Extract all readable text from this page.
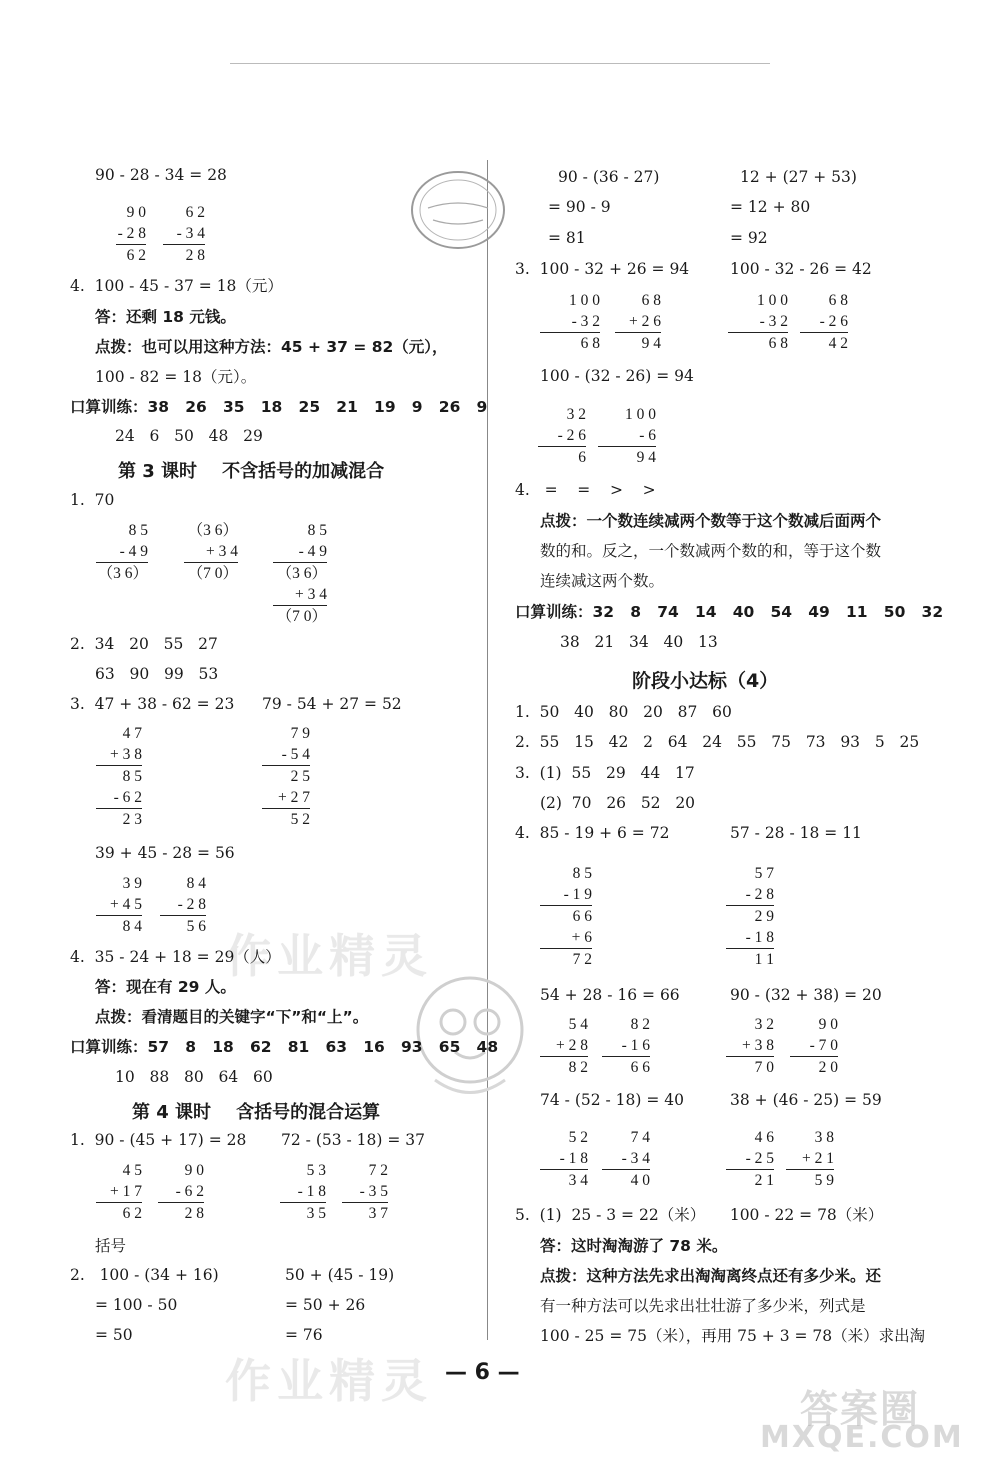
作业精灵
作业精灵
答案圈
MXQE.COM
90 - 28 - 34 = 28
9 0
- 2 8
6 2
6 2
- 3 4
2 8
4.  100 - 45 - 37 = 18（元）
答：还剩 18 元钱。
点拨：也可以用这种方法：45 + 37 = 82（元），
100 - 82 = 18（元）。
口算训练：38   26   35   18   25   21   19   9   26   9
24   6   50   48   29
第 3 课时    不含括号的加减混合
1.  70
8 5
- 4 9
（3 6）
（3 6）
+ 3 4
（7 0）
8 5
- 4 9
（3 6）
+ 3 4
（7 0）
2.  34   20   55   27
63   90   99   53
3.  47 + 38 - 62 = 23 79 - 54 + 27 = 52
4 7
+ 3 8
8 5
- 6 2
2 3
7 9
- 5 4
2 5
+ 2 7
5 2
39 + 45 - 28 = 56
3 9
+ 4 5
8 4
8 4
- 2 8
5 6
4.  35 - 24 + 18 = 29（人）
答：现在有 29 人。
点拨：看清题目的关键字“下”和“上”。
口算训练：57   8   18   62   81   63   16   93   65   48
10   88   80   64   60
第 4 课时    含括号的混合运算
1.  90 - (45 + 17) = 28 72 - (53 - 18) = 37
4 5
+ 1 7
6 2
9 0
- 6 2
2 8
5 3
- 1 8
3 5
7 2
- 3 5
3 7
括号
2.   100 - (34 + 16)
= 100 - 50
= 50
50 + (45 - 19)
= 50 + 26
= 76
90 - (36 - 27)
= 90 - 9
= 81
12 + (27 + 53)
= 12 + 80
= 92
3.  100 - 32 + 26 = 94	100 - 32 - 26 = 42
1 0 0
- 3 2
6 8
6 8
+ 2 6
9 4
1 0 0
- 3 2
6 8
6 8
- 2 6
4 2
100 - (32 - 26) = 94
3 2
- 2 6
6
1 0 0
- 6
9 4
4.   =    =    >    >
点拨：一个数连续减两个数等于这个数减后面两个
数的和。反之，一个数减两个数的和，等于这个数
连续减这两个数。
口算训练：32   8   74   14   40   54   49   11   50   32
38   21   34   40   13
阶段小达标（4）
1.  50   40   80   20   87   60
2.  55   15   42   2   64   24   55   75   73   93   5   25
3.  (1)  55   29   44   17
(2)  70   26   52   20
4.  85 - 19 + 6 = 72	57 - 28 - 18 = 11
8 5
- 1 9
6 6
+ 6
7 2
5 7
- 2 8
2 9
- 1 8
1 1
54 + 28 - 16 = 66	90 - (32 + 38) = 20
5 4
+ 2 8
8 2
8 2
- 1 6
6 6
3 2
+ 3 8
7 0
9 0
- 7 0
2 0
74 - (52 - 18) = 40	38 + (46 - 25) = 59
5 2
- 1 8
3 4
7 4
- 3 4
4 0
4 6
- 2 5
2 1
3 8
+ 2 1
5 9
5.  (1)  25 - 3 = 22（米）     100 - 22 = 78（米）
答：这时淘淘游了 78 米。
点拨：这种方法先求出淘淘离终点还有多少米。还
有一种方法可以先求出壮壮游了多少米，列式是
100 - 25 = 75（米），再用 75 + 3 = 78（米）求出淘
— 6 —
